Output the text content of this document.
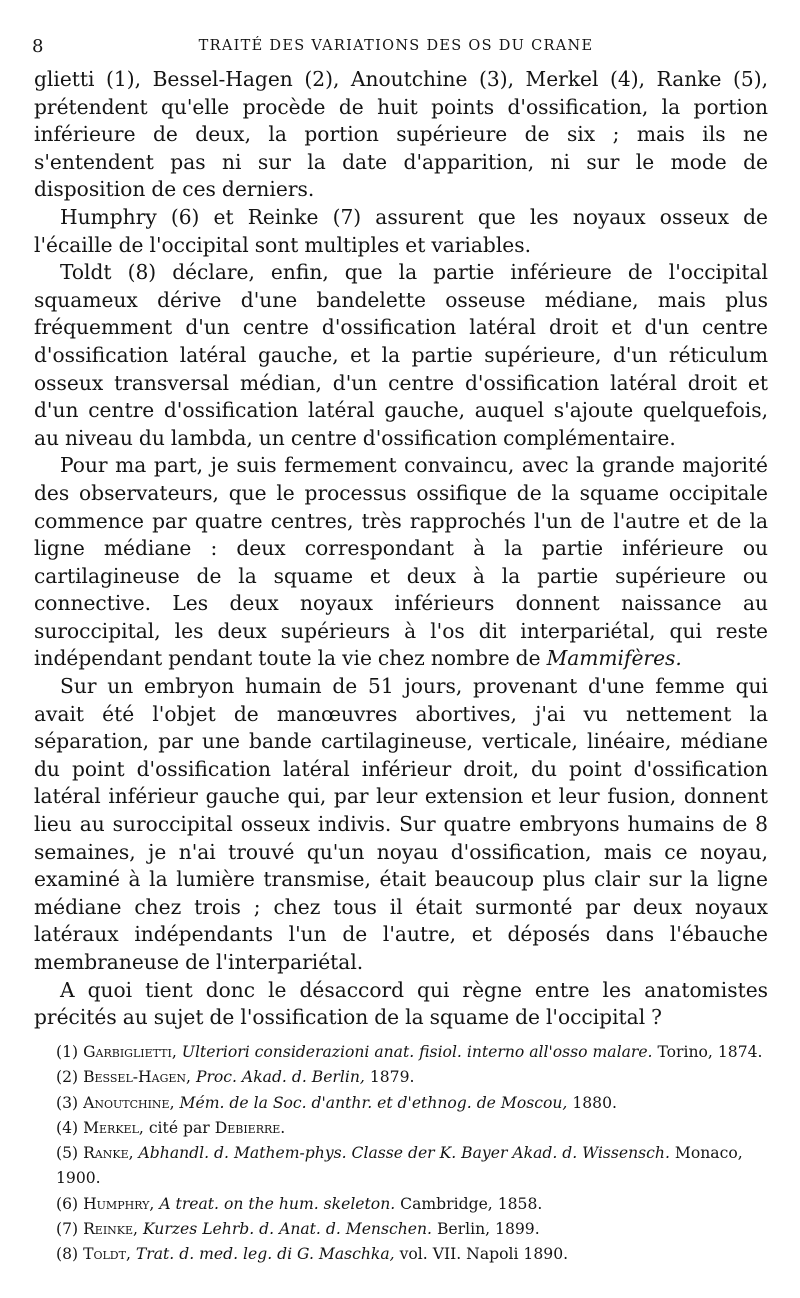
8	TRAITÉ DES VARIATIONS DES OS DU CRANE

glietti (1), Bessel-Hagen (2), Anoutchine (3), Merkel (4), Ranke (5), prétendent qu'elle procède de huit points d'ossification, la portion inférieure de deux, la portion supérieure de six ; mais ils ne s'entendent pas ni sur la date d'apparition, ni sur le mode de disposition de ces derniers.

Humphry (6) et Reinke (7) assurent que les noyaux osseux de l'écaille de l'occipital sont multiples et variables.

Toldt (8) déclare, enfin, que la partie inférieure de l'occipital squameux dérive d'une bandelette osseuse médiane, mais plus fréquemment d'un centre d'ossification latéral droit et d'un centre d'ossification latéral gauche, et la partie supérieure, d'un réticulum osseux transversal médian, d'un centre d'ossification latéral droit et d'un centre d'ossification latéral gauche, auquel s'ajoute quelquefois, au niveau du lambda, un centre d'ossification complémentaire.

Pour ma part, je suis fermement convaincu, avec la grande majorité des observateurs, que le processus ossifique de la squame occipitale commence par quatre centres, très rapprochés l'un de l'autre et de la ligne médiane : deux correspondant à la partie inférieure ou cartilagineuse de la squame et deux à la partie supérieure ou connective. Les deux noyaux inférieurs donnent naissance au suroccipital, les deux supérieurs à l'os dit interpariétal, qui reste indépendant pendant toute la vie chez nombre de Mammifères.

Sur un embryon humain de 51 jours, provenant d'une femme qui avait été l'objet de manœuvres abortives, j'ai vu nettement la séparation, par une bande cartilagineuse, verticale, linéaire, médiane du point d'ossification latéral inférieur droit, du point d'ossification latéral inférieur gauche qui, par leur extension et leur fusion, donnent lieu au suroccipital osseux indivis. Sur quatre embryons humains de 8 semaines, je n'ai trouvé qu'un noyau d'ossification, mais ce noyau, examiné à la lumière transmise, était beaucoup plus clair sur la ligne médiane chez trois ; chez tous il était surmonté par deux noyaux latéraux indépendants l'un de l'autre, et déposés dans l'ébauche membraneuse de l'interpariétal.

A quoi tient donc le désaccord qui règne entre les anatomistes précités au sujet de l'ossification de la squame de l'occipital ?

(1) Garbiglietti, Ulteriori considerazioni anat. fisiol. interno all'osso malare. Torino, 1874.

(2) Bessel-Hagen, Proc. Akad. d. Berlin, 1879.

(3) Anoutchine, Mém. de la Soc. d'anthr. et d'ethnog. de Moscou, 1880.

(4) Merkel, cité par Debierre.

(5) Ranke, Abhandl. d. Mathem-phys. Classe der K. Bayer Akad. d. Wissensch. Monaco, 1900.

(6) Humphry, A treat. on the hum. skeleton. Cambridge, 1858.

(7) Reinke, Kurzes Lehrb. d. Anat. d. Menschen. Berlin, 1899.

(8) Toldt, Trat. d. med. leg. di G. Maschka, vol. VII. Napoli 1890.
